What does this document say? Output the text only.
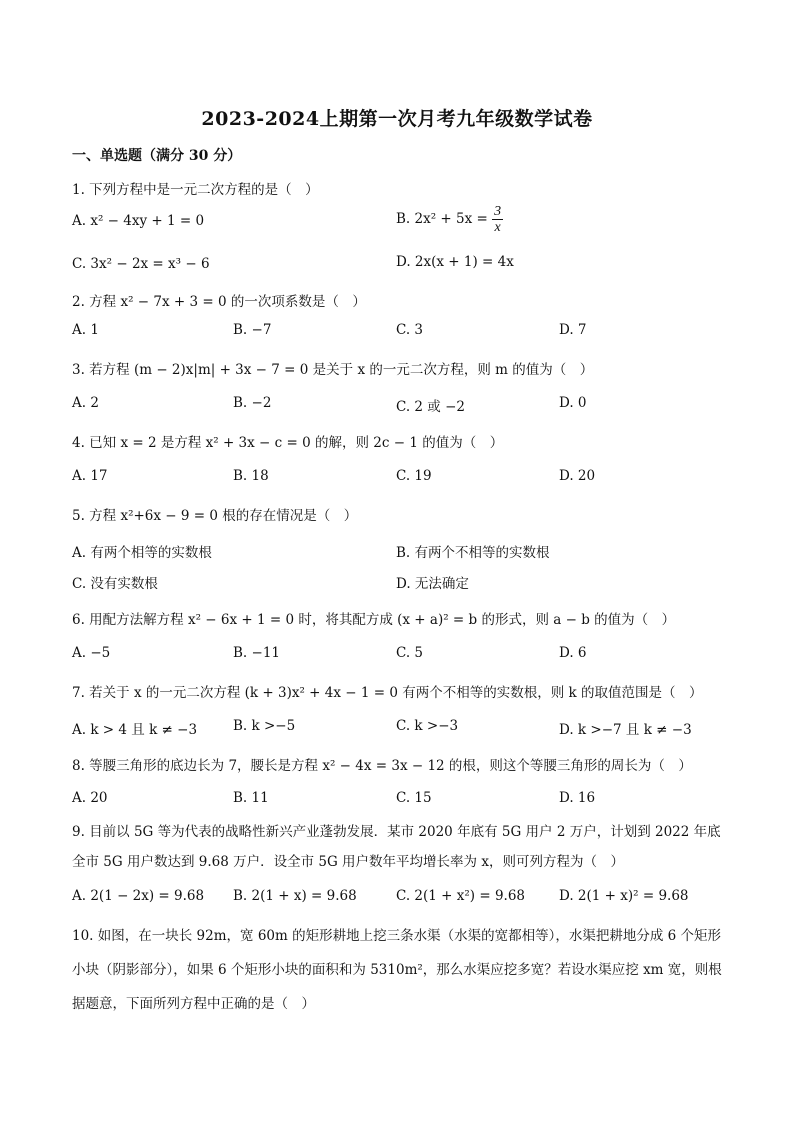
2023-2024上期第一次月考九年级数学试卷
一、单选题（满分 30 分）
1. 下列方程中是一元二次方程的是（　）
A. x² − 4xy + 1 = 0	B. $2x^2 + 5x = \frac{3}{x}$
C. 3x² − 2x = x³ − 6	D. 2x(x + 1) = 4x
2. 方程 x² − 7x + 3 = 0 的一次项系数是（　）
A. 1	B. −7	C. 3	D. 7
3. 若方程 (m − 2)x|m| + 3x − 7 = 0 是关于 x 的一元二次方程，则 m 的值为（　）
A. 2	B. −2	C. 2 或 −2	D. 0
4. 已知 x = 2 是方程 x² + 3x − c = 0 的解，则 2c − 1 的值为（　）
A. 17	B. 18	C. 19	D. 20
5. 方程 x²+6x − 9 = 0 根的存在情况是（　）
A. 有两个相等的实数根	B. 有两个不相等的实数根
C. 没有实数根	D. 无法确定
6. 用配方法解方程 x² − 6x + 1 = 0 时，将其配方成 (x + a)² = b 的形式，则 a − b 的值为（　）
A. −5	B. −11	C. 5	D. 6
7. 若关于 x 的一元二次方程 (k + 3)x² + 4x − 1 = 0 有两个不相等的实数根，则 k 的取值范围是（　）
A. k > 4 且 k ≠ −3	B. k >−5	C. k >−3	D. k >−7 且 k ≠ −3
8. 等腰三角形的底边长为 7，腰长是方程 x² − 4x = 3x − 12 的根，则这个等腰三角形的周长为（　）
A. 20	B. 11	C. 15	D. 16
9. 目前以 5G 等为代表的战略性新兴产业蓬勃发展．某市 2020 年底有 5G 用户 2 万户，计划到 2022 年底全市 5G 用户数达到 9.68 万户．设全市 5G 用户数年平均增长率为 x，则可列方程为（　）
A. 2(1 − 2x) = 9.68 B. 2(1 + x) = 9.68	C. 2(1 + x²) = 9.68	D. 2(1 + x)² = 9.68
10. 如图，在一块长 92m，宽 60m 的矩形耕地上挖三条水渠（水渠的宽都相等），水渠把耕地分成 6 个矩形小块（阴影部分），如果 6 个矩形小块的面积和为 5310m²，那么水渠应挖多宽？若设水渠应挖 xm 宽，则根据题意，下面所列方程中正确的是（　）
